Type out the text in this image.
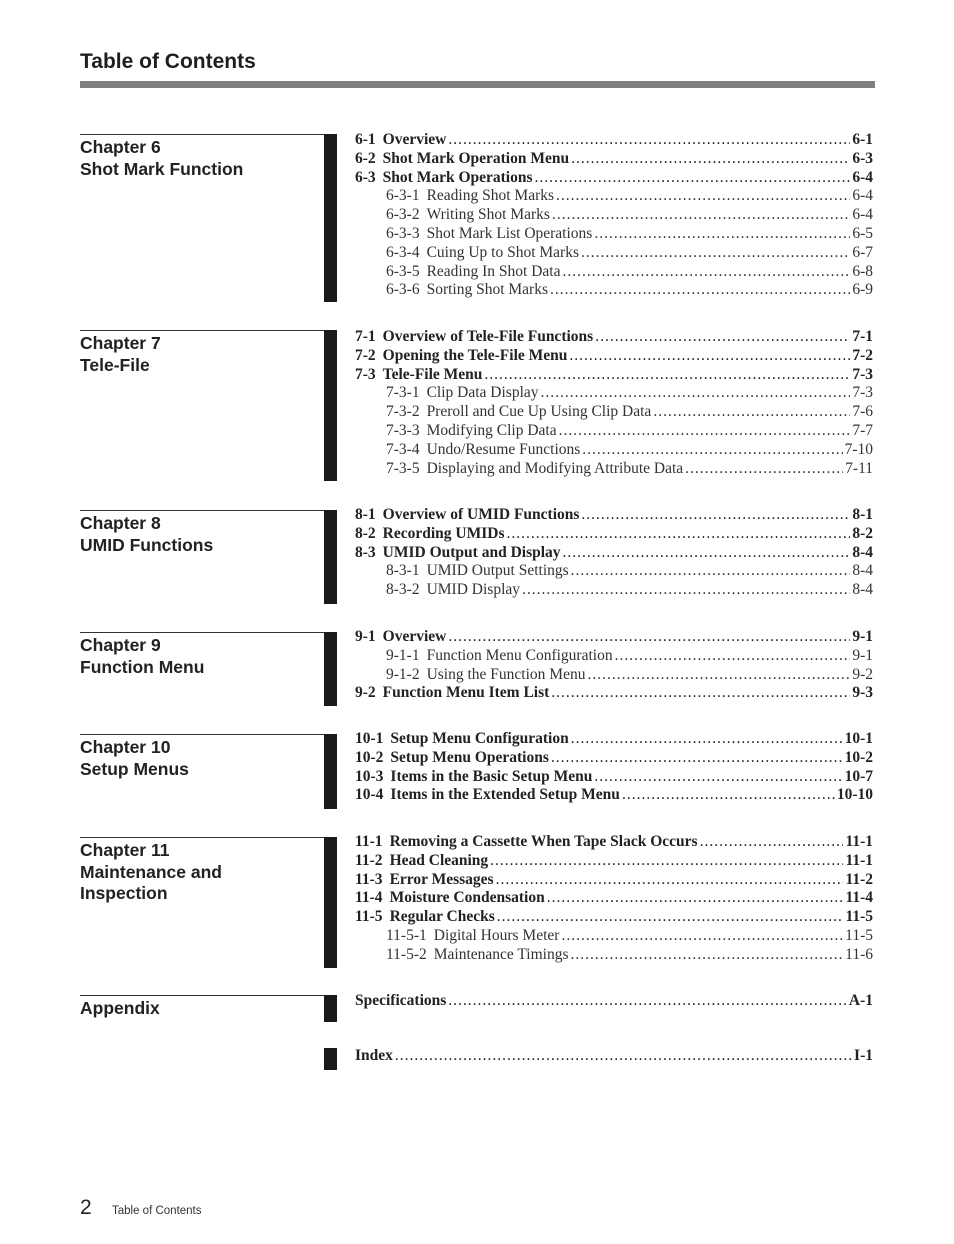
Table of Contents
Chapter 6
Shot Mark Function
6-1 Overview .....	6-1
6-2 Shot Mark Operation Menu .....	6-3
6-3 Shot Mark Operations .....	6-4
6-3-1 Reading Shot Marks .....	6-4
6-3-2 Writing Shot Marks .....	6-4
6-3-3 Shot Mark List Operations .....	6-5
6-3-4 Cuing Up to Shot Marks .....	6-7
6-3-5 Reading In Shot Data .....	6-8
6-3-6 Sorting Shot Marks .....	6-9
Chapter 7
Tele-File
7-1 Overview of Tele-File Functions .....	7-1
7-2 Opening the Tele-File Menu .....	7-2
7-3 Tele-File Menu .....	7-3
7-3-1 Clip Data Display .....	7-3
7-3-2 Preroll and Cue Up Using Clip Data .....	7-6
7-3-3 Modifying Clip Data .....	7-7
7-3-4 Undo/Resume Functions .....	7-10
7-3-5 Displaying and Modifying Attribute Data .....	7-11
Chapter 8
UMID Functions
8-1 Overview of UMID Functions .....	8-1
8-2 Recording UMIDs .....	8-2
8-3 UMID Output and Display .....	8-4
8-3-1 UMID Output Settings .....	8-4
8-3-2 UMID Display .....	8-4
Chapter 9
Function Menu
9-1 Overview .....	9-1
9-1-1 Function Menu Configuration .....	9-1
9-1-2 Using the Function Menu .....	9-2
9-2 Function Menu Item List .....	9-3
Chapter 10
Setup Menus
10-1 Setup Menu Configuration .....	10-1
10-2 Setup Menu Operations .....	10-2
10-3 Items in the Basic Setup Menu .....	10-7
10-4 Items in the Extended Setup Menu .....	10-10
Chapter 11
Maintenance and
Inspection
11-1 Removing a Cassette When Tape Slack Occurs .....	11-1
11-2 Head Cleaning .....	11-1
11-3 Error Messages .....	11-2
11-4 Moisture Condensation .....	11-4
11-5 Regular Checks .....	11-5
11-5-1 Digital Hours Meter .....	11-5
11-5-2 Maintenance Timings .....	11-6
Appendix	Specifications .....	A-1
Index .....	I-1
2 Table of Contents
